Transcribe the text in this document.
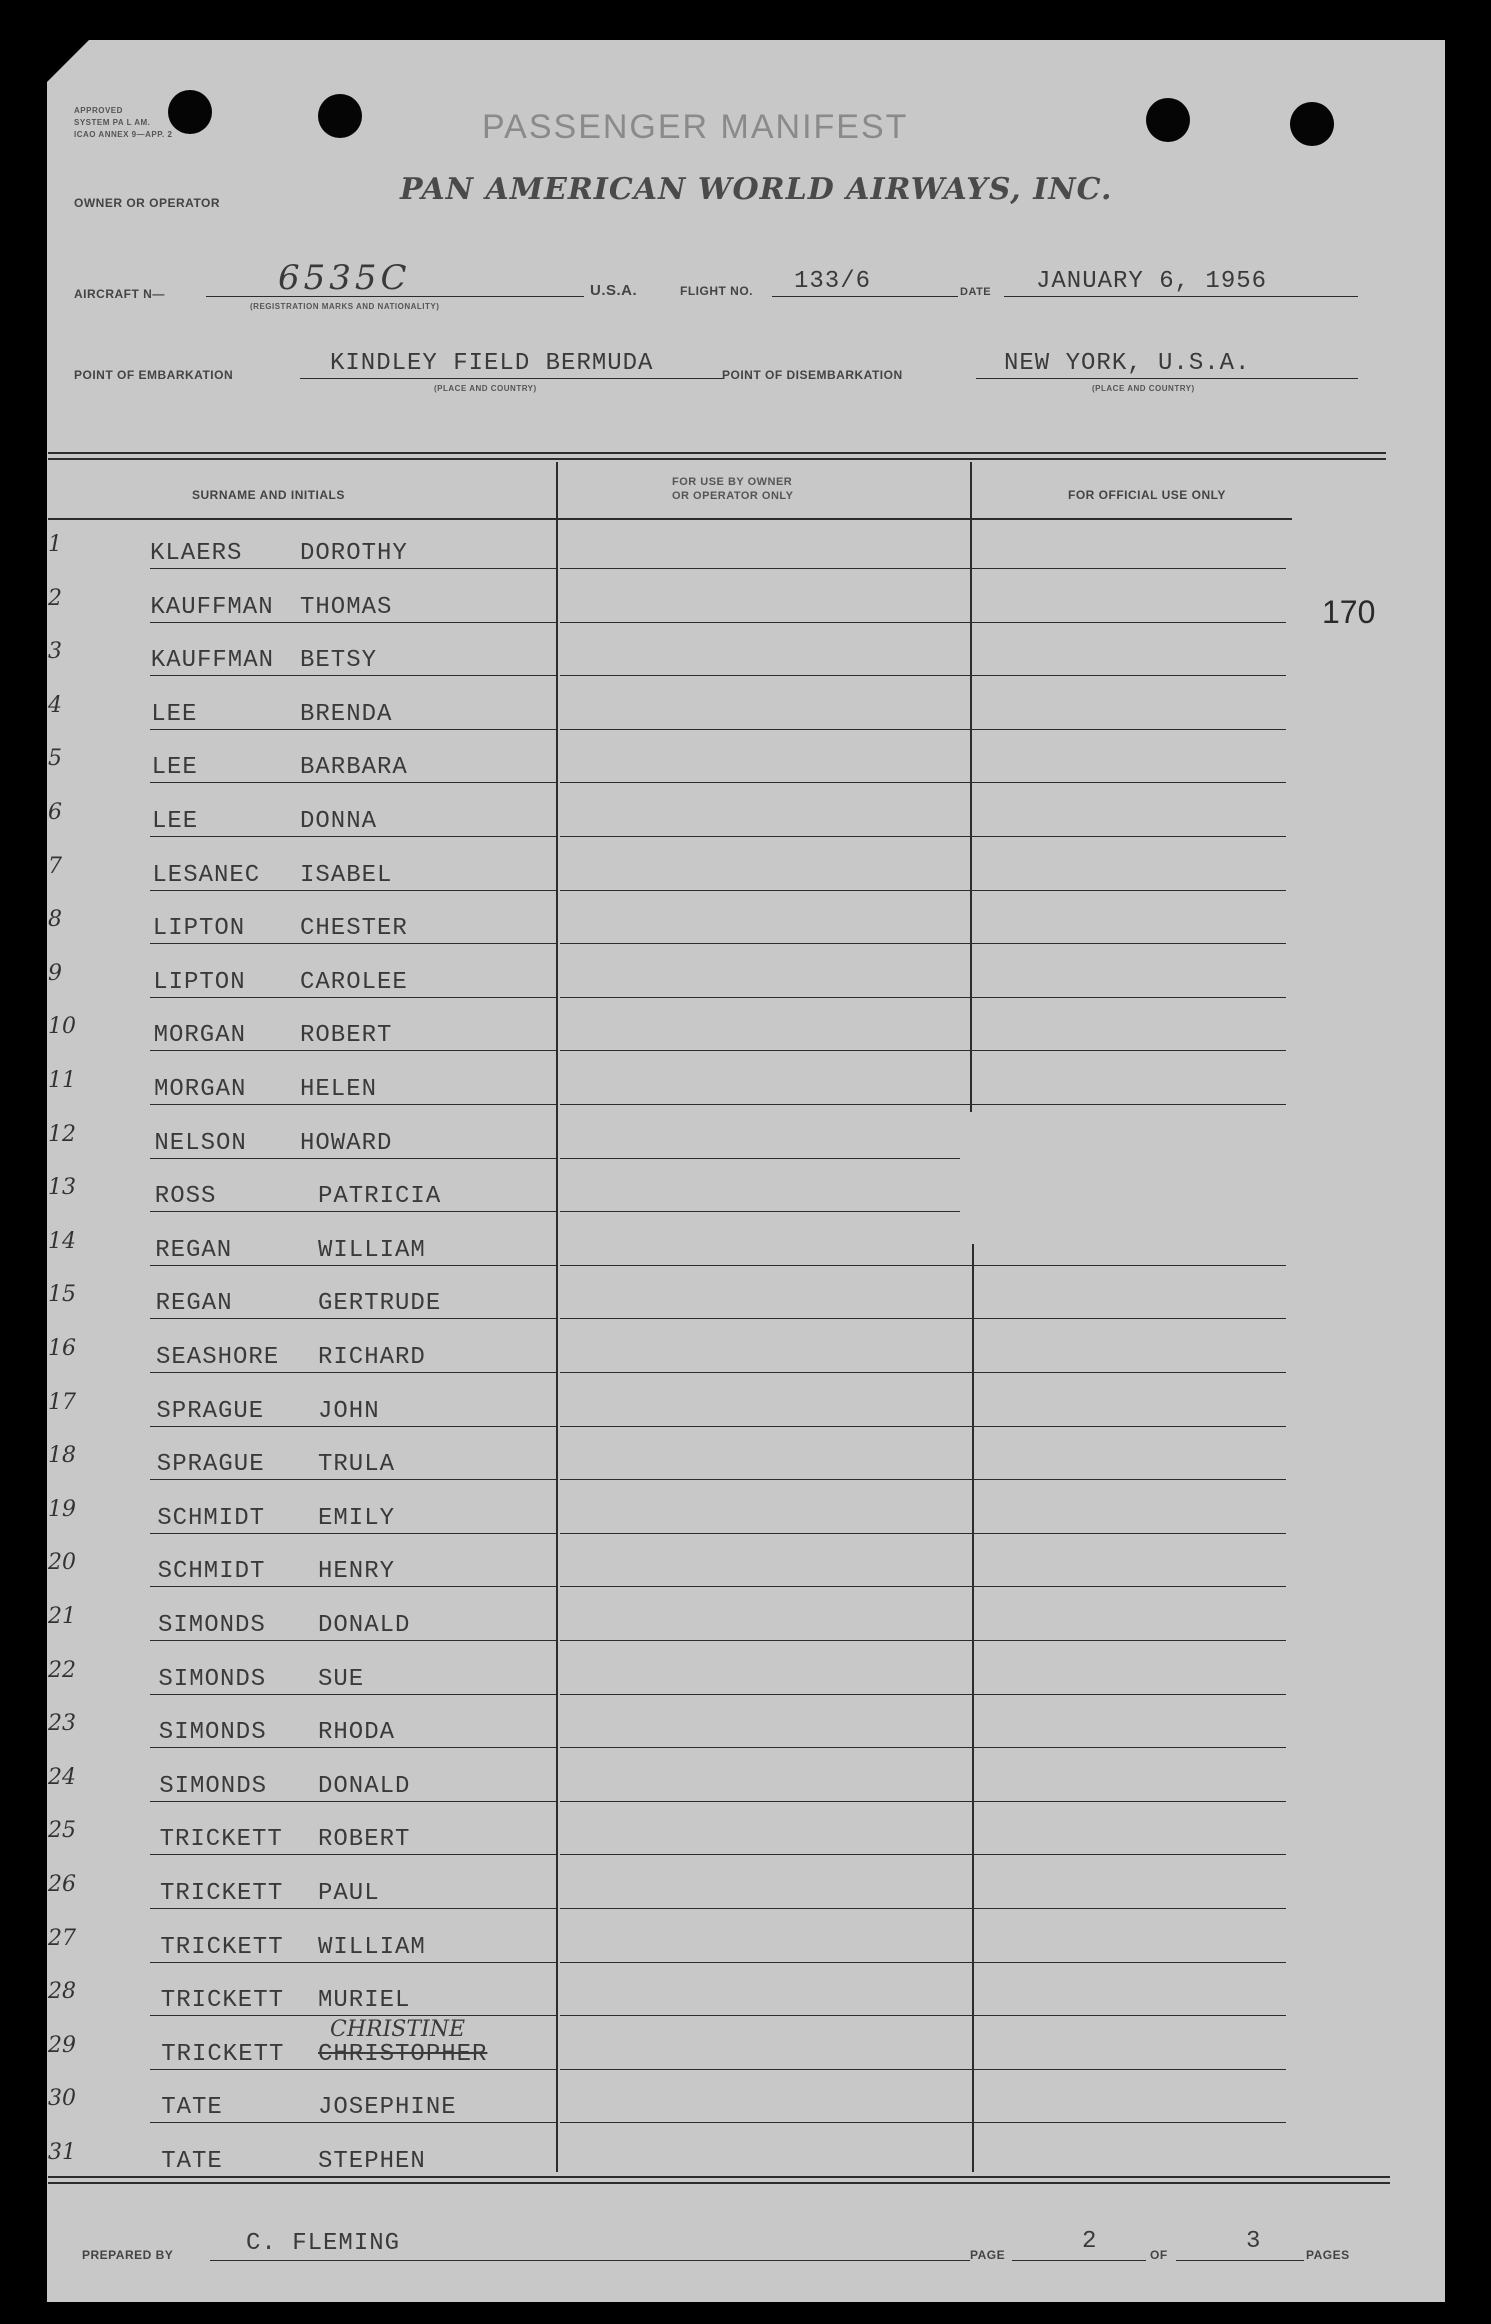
APPROVED
SYSTEM PA L AM.
ICAO ANNEX 9—APP. 2	PASSENGER MANIFEST
OWNER OR OPERATOR	PAN AMERICAN WORLD AIRWAYS, INC.
AIRCRAFT N—	6535C
(REGISTRATION MARKS AND NATIONALITY)
U.S.A.	FLIGHT NO. 133/6	DATE JANUARY 6, 1956
POINT OF EMBARKATION	KINDLEY FIELD BERMUDA
(PLACE AND COUNTRY)
POINT OF DISEMBARKATION	NEW YORK, U.S.A.
(PLACE AND COUNTRY)
SURNAME AND INITIALS
FOR USE BY OWNER
OR OPERATOR ONLY	FOR OFFICIAL USE ONLY
170
1	KLAERS DOROTHY
2	KAUFFMAN THOMAS
3	KAUFFMAN BETSY
4	LEE	BRENDA
5	LEE	BARBARA
6	LEE	DONNA
7	LESANEC ISABEL
8	LIPTON CHESTER
9	LIPTON CAROLEE
10	MORGAN ROBERT
11	MORGAN HELEN
12	NELSON HOWARD
13	ROSS	PATRICIA
14	REGAN	WILLIAM
15	REGAN	GERTRUDE
16	SEASHORE RICHARD
17	SPRAGUE JOHN
18	SPRAGUE TRULA
19	SCHMIDT EMILY
20	SCHMIDT HENRY
21	SIMONDS DONALD
22	SIMONDS SUE
23	SIMONDS RHODA
24	SIMONDS DONALD
25	TRICKETT ROBERT
26	TRICKETT PAUL
27	TRICKETT WILLIAM
28	TRICKETT MURIEL
29	TRICKETT CHRISTOPHER
CHRISTINE
30	TATE	JOSEPHINE
31	TATE	STEPHEN
PREPARED BY	C. FLEMING	PAGE	2	OF	3	PAGES
